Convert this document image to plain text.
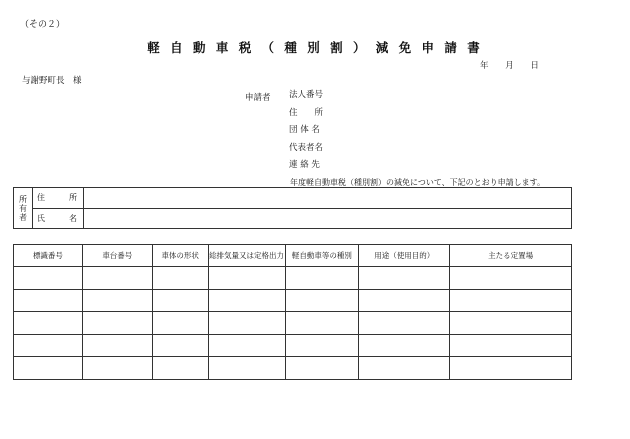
（その２）
軽 自 動 車 税 （ 種 別 割 ） 減 免 申 請 書
年 月 日
与謝野町長　様
申請者 法人番号
住　　所
団 体 名
代表者名
連 絡 先
年度軽自動車税（種別割）の減免について、下記のとおり申請します。
所
有
者	住 所	

	氏 名	

標識番号	車台番号	車体の形状	総排気量又は定格出力	軽自動車等の種別	用途（使用目的）	主たる定置場
